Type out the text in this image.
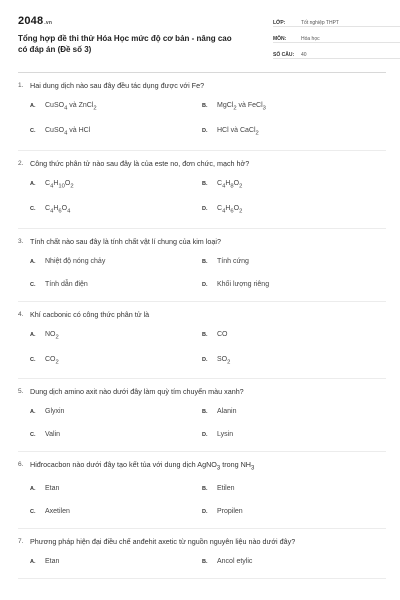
2048.vn
Tổng hợp đề thi thử Hóa Học mức độ cơ bản - nâng cao có đáp án (Đề số 3)
LỚP:	Tốt nghiệp THPT
MÔN:	Hóa học
SỐ CÂU:	40
1. Hai dung dịch nào sau đây đều tác dụng được với Fe?
A.	CuSO$_4$ và ZnCl$_2$	B.	MgCl$_2$ và FeCl$_3$
C.	CuSO$_4$ và HCl	D.	HCl và CaCl$_2$
2. Công thức phân tử nào sau đây là của este no, đơn chức, mạch hở?
A.	$C_4H_{10}O_2$	B.	$C_4H_8O_2$
C.	$C_4H_6O_4$	D.	$C_4H_6O_2$
3. Tính chất nào sau đây là tính chất vật lí chung của kim loại?
A.	Nhiệt độ nóng chảy	B.	Tính cứng
C.	Tính dẫn điện	D.	Khối lượng riêng
4. Khí cacbonic có công thức phân tử là
A.	$NO_2$	B.	CO
C.	$CO_2$	D.	$SO_2$
5. Dung dịch amino axit nào dưới đây làm quỳ tím chuyển màu xanh?
A.	Glyxin	B.	Alanin
C.	Valin	D.	Lysin
6. Hiđrocacbon nào dưới đây tạo kết tủa với dung dịch AgNO$_3$ trong $NH_3$
A.	Etan	B.	Etilen
C.	Axetilen	D.	Propilen
7. Phương pháp hiện đại điều chế anđehit axetic từ nguồn nguyên liệu nào dưới đây?
A.	Etan	B.	Ancol etylic
